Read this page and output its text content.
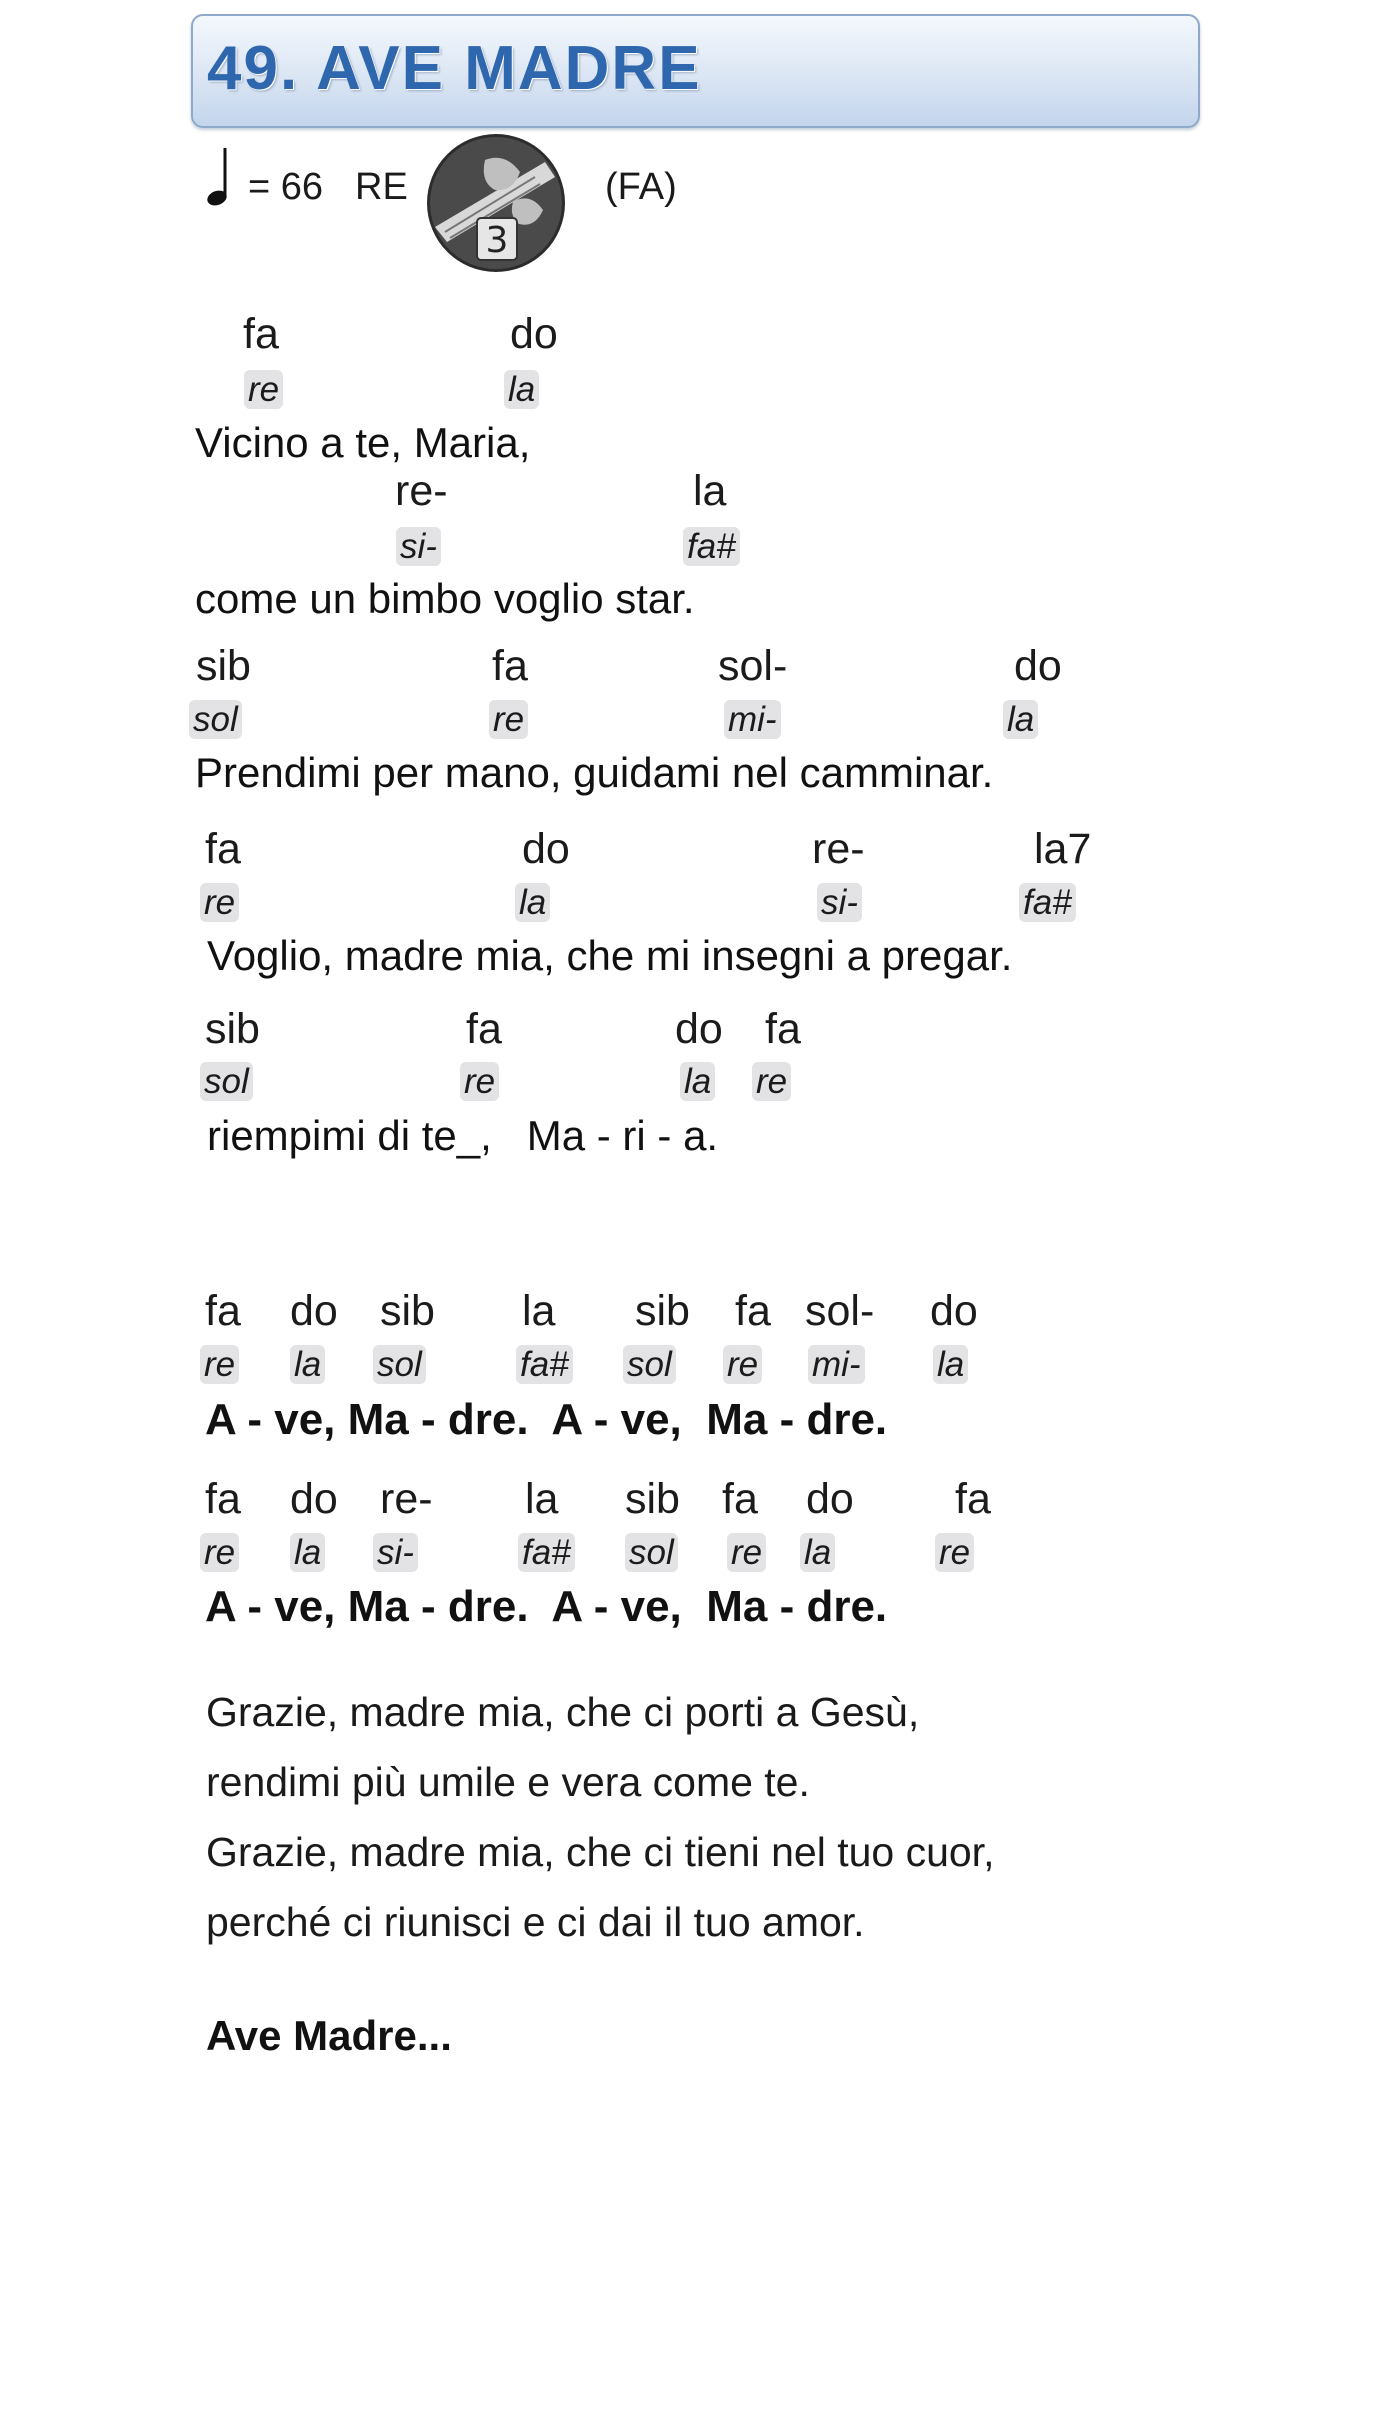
49. AVE MADRE
= 66 RE	(FA)
3
fa	do
re	la
Vicino a te, Maria,
re-	la
si-	fa#
come un bimbo voglio star.
sib	fa	sol-	do
sol	re	mi-	la
Prendimi per mano, guidami nel camminar.
fa	do	re-	la7
re	la	si-	fa#
Voglio, madre mia, che mi insegni a pregar.
sib	fa	do fa
sol	re	la re
riempimi di te_,   Ma - ri - a.
fa do sib la sib fa sol- do
re la sol	fa# sol re mi- la
A - ve, Ma - dre.  A - ve,  Ma - dre.
fa do re- la sib fa do fa
re la si-	fa# sol re la	re
A - ve, Ma - dre.  A - ve,  Ma - dre.
Grazie, madre mia, che ci porti a Gesù,
rendimi più umile e vera come te.
Grazie, madre mia, che ci tieni nel tuo cuor,
perché ci riunisci e ci dai il tuo amor.
Ave Madre...
